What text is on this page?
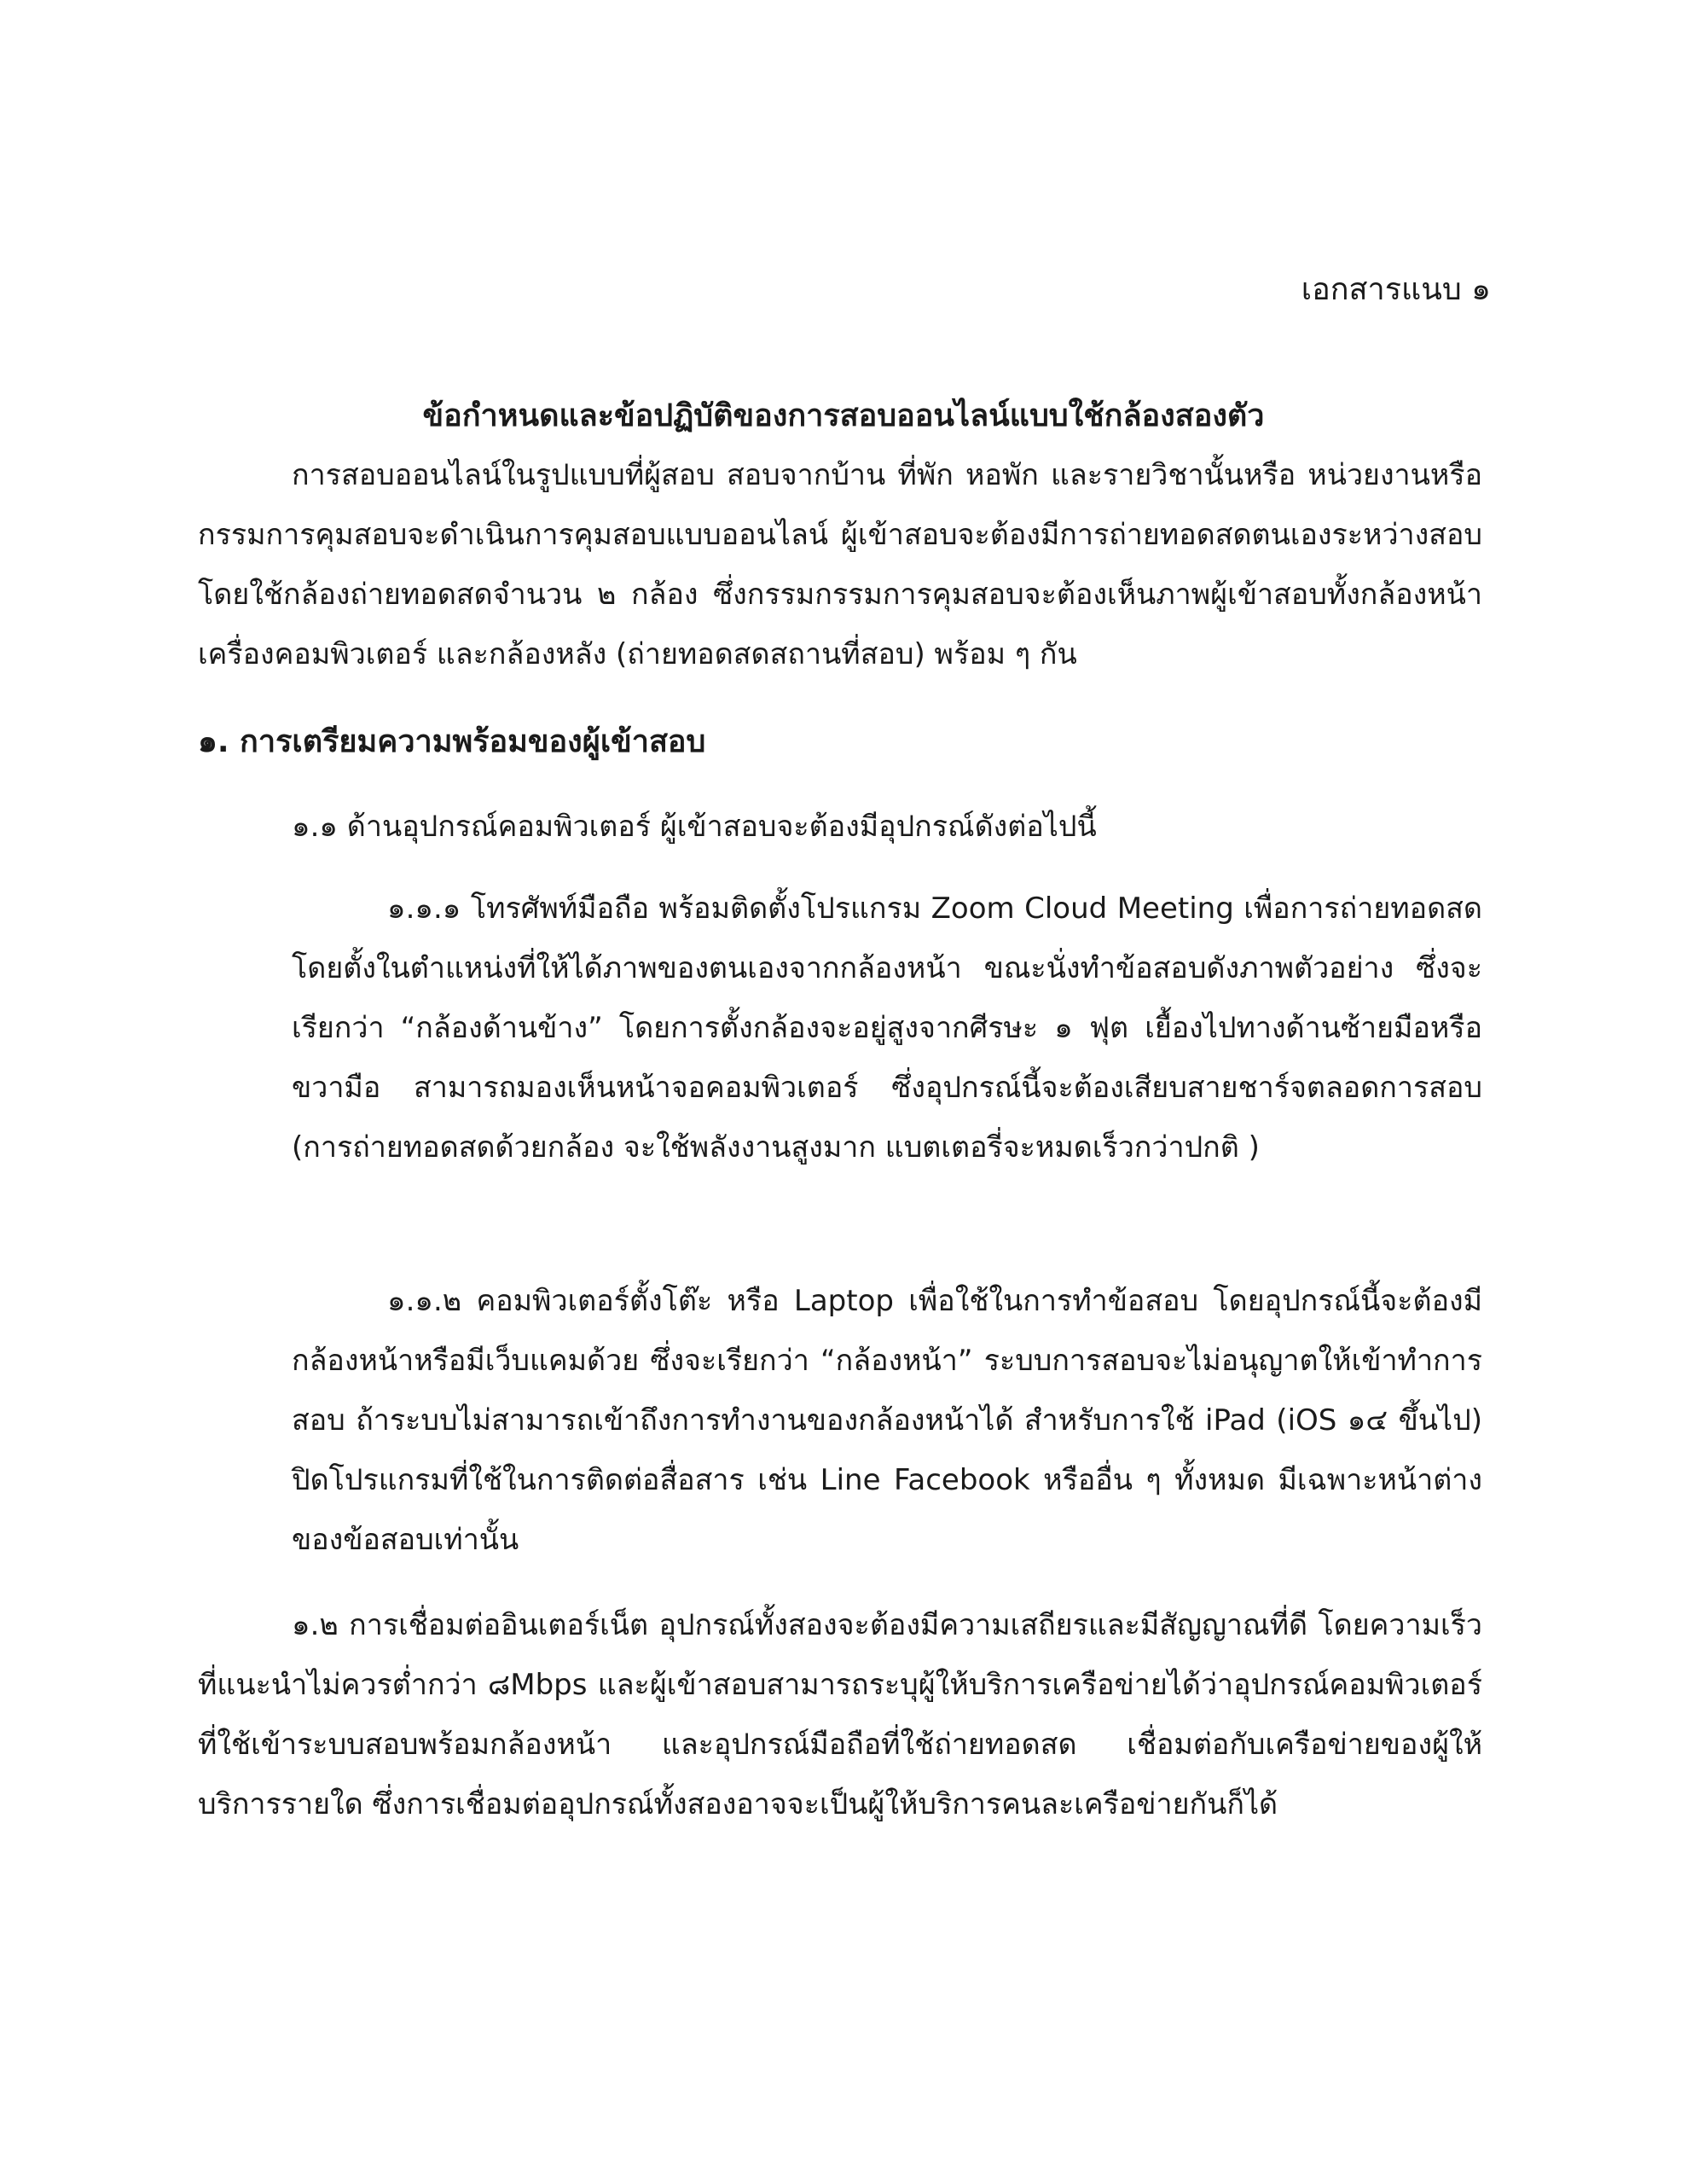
เอกสารแนบ ๑
ข้อกำหนดและข้อปฏิบัติของการสอบออนไลน์แบบใช้กล้องสองตัว

การสอบออนไลน์ในรูปแบบที่ผู้สอบ สอบจากบ้าน ที่พัก หอพัก และรายวิชานั้นหรือ หน่วยงานหรือกรรมการคุมสอบจะดำเนินการคุมสอบแบบออนไลน์ ผู้เข้าสอบจะต้องมีการถ่ายทอดสดตนเองระหว่างสอบ โดยใช้กล้องถ่ายทอดสดจำนวน ๒ กล้อง ซึ่งกรรมกรรมการคุมสอบจะต้องเห็นภาพผู้เข้าสอบทั้งกล้องหน้าเครื่องคอมพิวเตอร์ และกล้องหลัง (ถ่ายทอดสดสถานที่สอบ) พร้อม ๆ กัน

๑. การเตรียมความพร้อมของผู้เข้าสอบ

๑.๑ ด้านอุปกรณ์คอมพิวเตอร์ ผู้เข้าสอบจะต้องมีอุปกรณ์ดังต่อไปนี้

๑.๑.๑ โทรศัพท์มือถือ พร้อมติดตั้งโปรแกรม Zoom Cloud Meeting เพื่อการถ่ายทอดสด โดยตั้งในตำแหน่งที่ให้ได้ภาพของตนเองจากกล้องหน้า ขณะนั่งทำข้อสอบดังภาพตัวอย่าง ซึ่งจะเรียกว่า “กล้องด้านข้าง” โดยการตั้งกล้องจะอยู่สูงจากศีรษะ ๑ ฟุต เยื้องไปทางด้านซ้ายมือหรือขวามือ สามารถมองเห็นหน้าจอคอมพิวเตอร์ ซึ่งอุปกรณ์นี้จะต้องเสียบสายชาร์จตลอดการสอบ (การถ่ายทอดสดด้วยกล้อง จะใช้พลังงานสูงมาก แบตเตอรี่จะหมดเร็วกว่าปกติ )

๑.๑.๒ คอมพิวเตอร์ตั้งโต๊ะ หรือ Laptop เพื่อใช้ในการทำข้อสอบ โดยอุปกรณ์นี้จะต้องมีกล้องหน้าหรือมีเว็บแคมด้วย ซึ่งจะเรียกว่า “กล้องหน้า” ระบบการสอบจะไม่อนุญาตให้เข้าทำการสอบ ถ้าระบบไม่สามารถเข้าถึงการทำงานของกล้องหน้าได้ สำหรับการใช้ iPad (iOS ๑๔ ขึ้นไป) ปิดโปรแกรมที่ใช้ในการติดต่อสื่อสาร เช่น Line Facebook หรืออื่น ๆ ทั้งหมด มีเฉพาะหน้าต่างของข้อสอบเท่านั้น

๑.๒ การเชื่อมต่ออินเตอร์เน็ต อุปกรณ์ทั้งสองจะต้องมีความเสถียรและมีสัญญาณที่ดี โดยความเร็วที่แนะนำไม่ควรต่ำกว่า ๘Mbps และผู้เข้าสอบสามารถระบุผู้ให้บริการเครือข่ายได้ว่าอุปกรณ์คอมพิวเตอร์ที่ใช้เข้าระบบสอบพร้อมกล้องหน้า และอุปกรณ์มือถือที่ใช้ถ่ายทอดสด เชื่อมต่อกับเครือข่ายของผู้ให้บริการรายใด ซึ่งการเชื่อมต่ออุปกรณ์ทั้งสองอาจจะเป็นผู้ให้บริการคนละเครือข่ายกันก็ได้
